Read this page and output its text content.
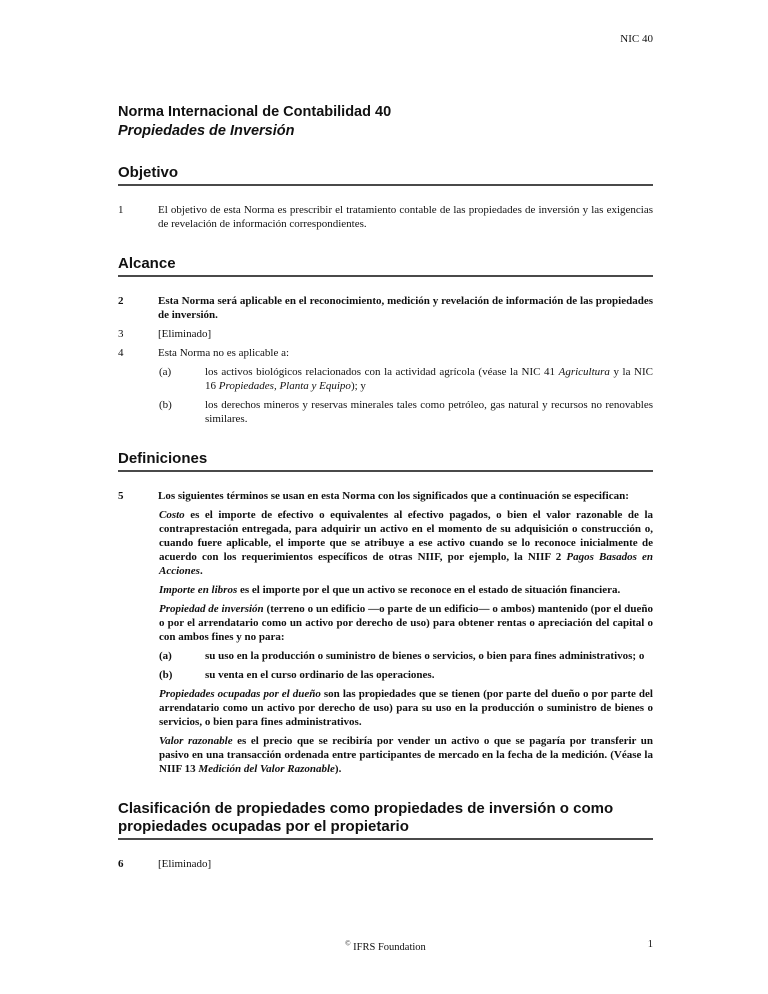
NIC 40
Norma Internacional de Contabilidad 40
Propiedades de Inversión
Objetivo
1	El objetivo de esta Norma es prescribir el tratamiento contable de las propiedades de inversión y las exigencias de revelación de información correspondientes.
Alcance
2	Esta Norma será aplicable en el reconocimiento, medición y revelación de información de las propiedades de inversión.
3	[Eliminado]
4	Esta Norma no es aplicable a:
(a)	los activos biológicos relacionados con la actividad agrícola (véase la NIC 41 Agricultura y la NIC 16 Propiedades, Planta y Equipo); y
(b)	los derechos mineros y reservas minerales tales como petróleo, gas natural y recursos no renovables similares.
Definiciones
5	Los siguientes términos se usan en esta Norma con los significados que a continuación se especifican:
Costo es el importe de efectivo o equivalentes al efectivo pagados, o bien el valor razonable de la contraprestación entregada, para adquirir un activo en el momento de su adquisición o construcción o, cuando fuere aplicable, el importe que se atribuye a ese activo cuando se lo reconoce inicialmente de acuerdo con los requerimientos específicos de otras NIIF, por ejemplo, la NIIF 2 Pagos Basados en Acciones.
Importe en libros es el importe por el que un activo se reconoce en el estado de situación financiera.
Propiedad de inversión (terreno o un edificio —o parte de un edificio— o ambos) mantenido (por el dueño o por el arrendatario como un activo por derecho de uso) para obtener rentas o apreciación del capital o con ambos fines y no para:
(a)	su uso en la producción o suministro de bienes o servicios, o bien para fines administrativos; o
(b)	su venta en el curso ordinario de las operaciones.
Propiedades ocupadas por el dueño son las propiedades que se tienen (por parte del dueño o por parte del arrendatario como un activo por derecho de uso) para su uso en la producción o suministro de bienes o servicios, o bien para fines administrativos.
Valor razonable es el precio que se recibiría por vender un activo o que se pagaría por transferir un pasivo en una transacción ordenada entre participantes de mercado en la fecha de la medición. (Véase la NIIF 13 Medición del Valor Razonable).
Clasificación de propiedades como propiedades de inversión o como propiedades ocupadas por el propietario
6	[Eliminado]
© IFRS Foundation	1
